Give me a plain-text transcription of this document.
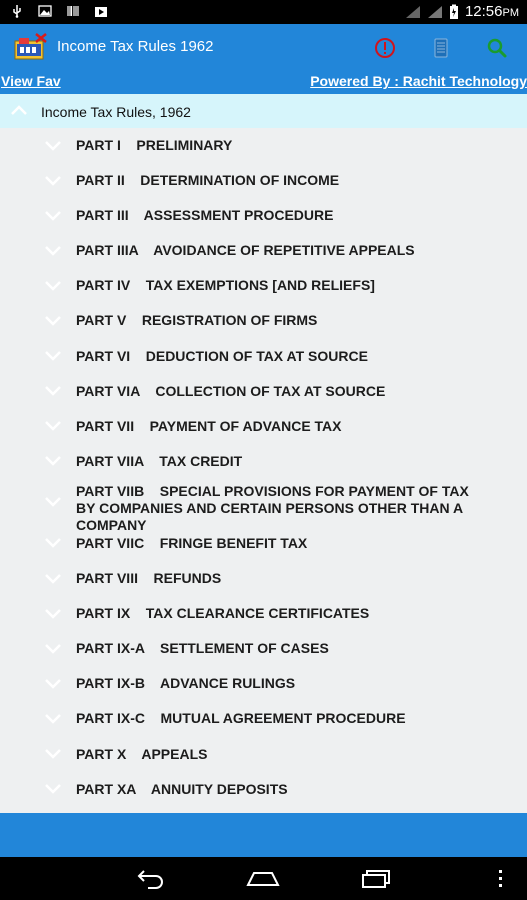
12:56PM
Income Tax Rules 1962
View Fav	Powered By : Rachit Technology
Income Tax Rules, 1962
PART I    PRELIMINARY
PART II    DETERMINATION OF INCOME
PART III    ASSESSMENT PROCEDURE
PART IIIA    AVOIDANCE OF REPETITIVE APPEALS
PART IV    TAX EXEMPTIONS [AND RELIEFS]
PART V    REGISTRATION OF FIRMS
PART VI    DEDUCTION OF TAX AT SOURCE
PART VIA    COLLECTION OF TAX AT SOURCE
PART VII    PAYMENT OF ADVANCE TAX
PART VIIA    TAX CREDIT
PART VIIB    SPECIAL PROVISIONS FOR PAYMENT OF TAX BY COMPANIES AND CERTAIN PERSONS OTHER THAN A COMPANY
PART VIIC    FRINGE BENEFIT TAX
PART VIII    REFUNDS
PART IX    TAX CLEARANCE CERTIFICATES
PART IX-A    SETTLEMENT OF CASES
PART IX-B    ADVANCE RULINGS
PART IX-C    MUTUAL AGREEMENT PROCEDURE
PART X    APPEALS
PART XA    ANNUITY DEPOSITS
